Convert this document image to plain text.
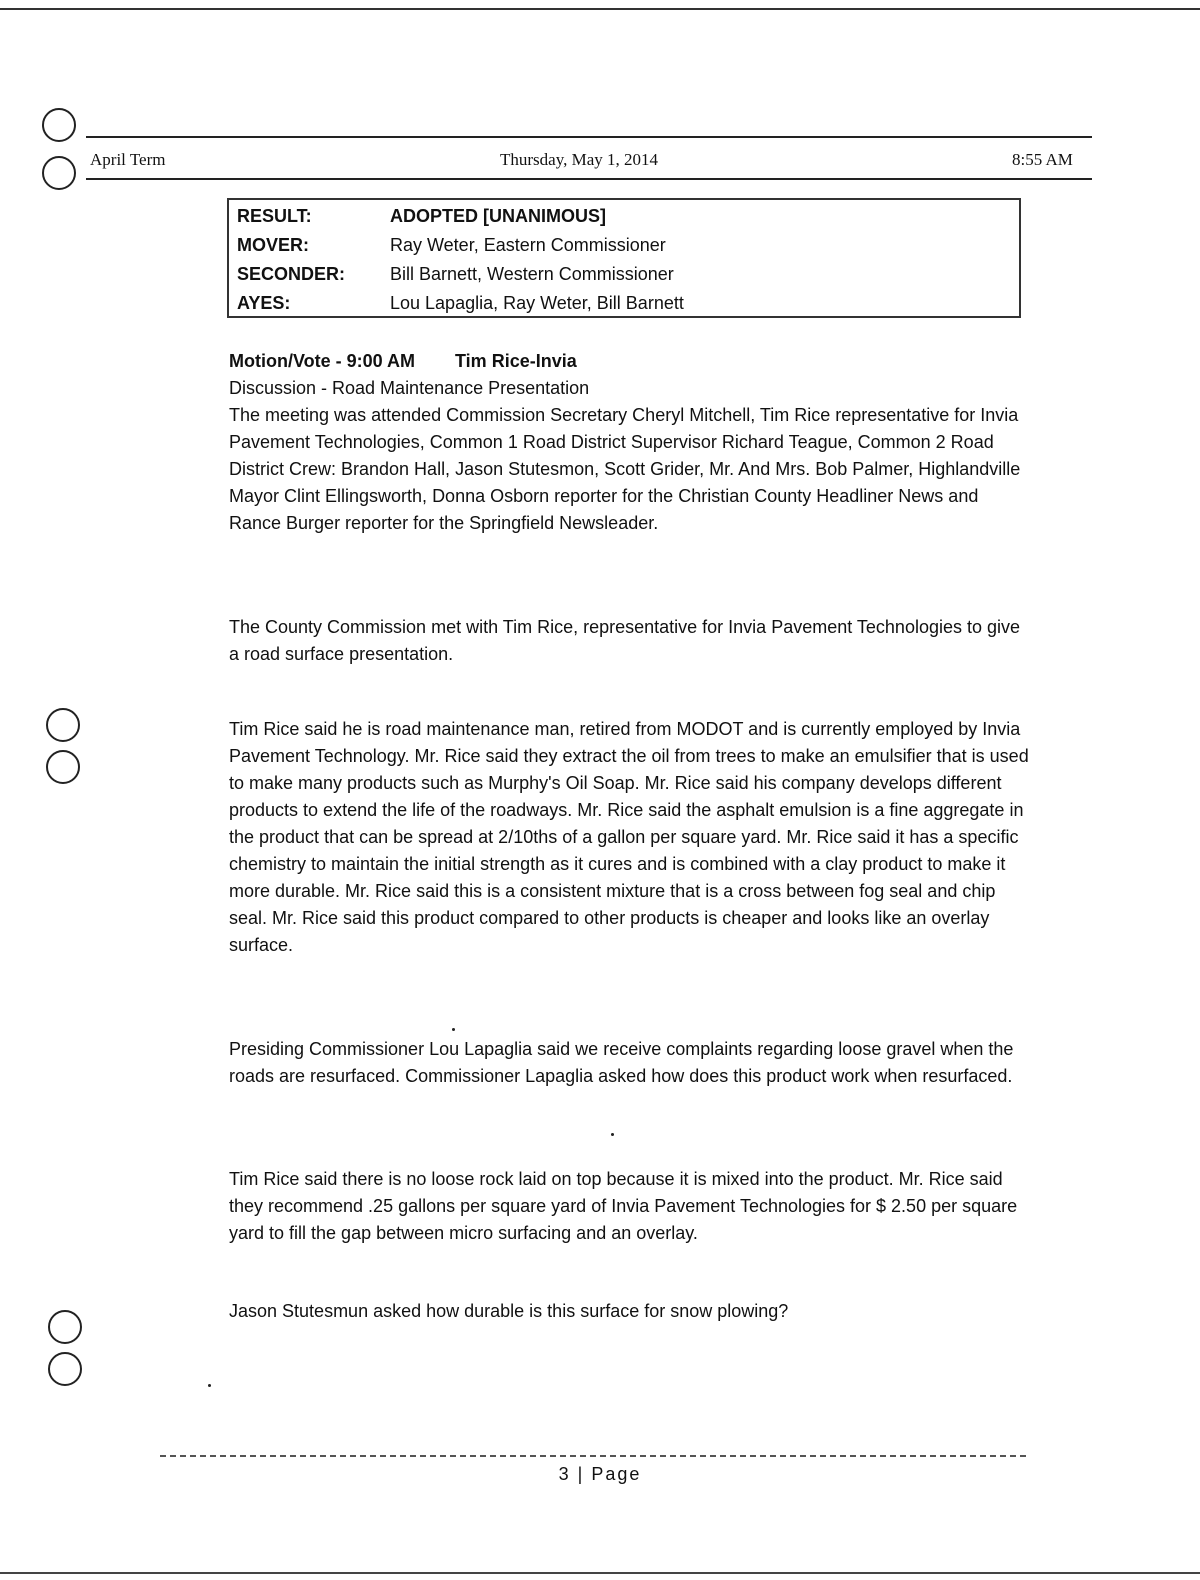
April Term	Thursday, May 1, 2014	8:55 AM
RESULT:	ADOPTED [UNANIMOUS]
MOVER:	Ray Weter, Eastern Commissioner
SECONDER: Bill Barnett, Western Commissioner
AYES:	Lou Lapaglia, Ray Weter, Bill Barnett

Motion/Vote - 9:00 AM Tim Rice-Invia

Discussion - Road Maintenance Presentation

The meeting was attended Commission Secretary Cheryl Mitchell, Tim Rice representative for Invia Pavement Technologies, Common 1 Road District Supervisor Richard Teague, Common 2 Road District Crew: Brandon Hall, Jason Stutesmon, Scott Grider, Mr. And Mrs. Bob Palmer, Highlandville Mayor Clint Ellingsworth, Donna Osborn reporter for the Christian County Headliner News and Rance Burger reporter for the Springfield Newsleader.

The County Commission met with Tim Rice, representative for Invia Pavement Technologies to give a road surface presentation.
Tim Rice said he is road maintenance man, retired from MODOT and is currently employed by Invia Pavement Technology. Mr. Rice said they extract the oil from trees to make an emulsifier that is used to make many products such as Murphy's Oil Soap. Mr. Rice said his company develops different products to extend the life of the roadways. Mr. Rice said the asphalt emulsion is a fine aggregate in the product that can be spread at 2/10ths of a gallon per square yard. Mr. Rice said it has a specific chemistry to maintain the initial strength as it cures and is combined with a clay product to make it more durable. Mr. Rice said this is a consistent mixture that is a cross between fog seal and chip seal. Mr. Rice said this product compared to other products is cheaper and looks like an overlay surface.
Presiding Commissioner Lou Lapaglia said we receive complaints regarding loose gravel when the roads are resurfaced. Commissioner Lapaglia asked how does this product work when resurfaced.
Tim Rice said there is no loose rock laid on top because it is mixed into the product. Mr. Rice said they recommend .25 gallons per square yard of Invia Pavement Technologies for $ 2.50 per square yard to fill the gap between micro surfacing and an overlay.
Jason Stutesmun asked how durable is this surface for snow plowing?
3 | Page
